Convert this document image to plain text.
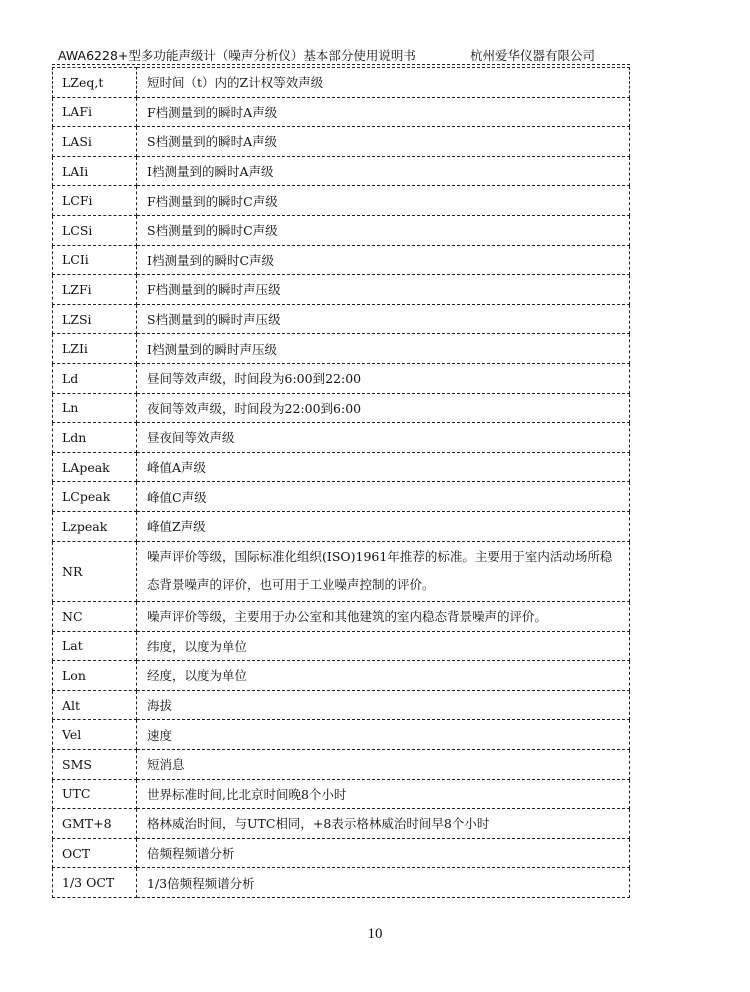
AWA6228+型多功能声级计（噪声分析仪）基本部分使用说明书	杭州爱华仪器有限公司
LZeq,t	短时间（t）内的Z计权等效声级
LAFi	F档测量到的瞬时A声级
LASi	S档测量到的瞬时A声级
LAIi	I档测量到的瞬时A声级
LCFi	F档测量到的瞬时C声级
LCSi	S档测量到的瞬时C声级
LCIi	I档测量到的瞬时C声级
LZFi	F档测量到的瞬时声压级
LZSi	S档测量到的瞬时声压级
LZIi	I档测量到的瞬时声压级
Ld	昼间等效声级，时间段为6:00到22:00
Ln	夜间等效声级，时间段为22:00到6:00
Ldn	昼夜间等效声级
LApeak	峰值A声级
LCpeak	峰值C声级
Lzpeak	峰值Z声级
NR	噪声评价等级，国际标准化组织(ISO)1961年推荐的标准。主要用于室内活动场所稳态背景噪声的评价，也可用于工业噪声控制的评价。
NC	噪声评价等级，主要用于办公室和其他建筑的室内稳态背景噪声的评价。
Lat	纬度，以度为单位
Lon	经度，以度为单位
Alt	海拔
Vel	速度
SMS	短消息
UTC	世界标准时间,比北京时间晚8个小时
GMT+8	格林威治时间，与UTC相同，+8表示格林威治时间早8个小时
OCT	倍频程频谱分析
1/3 OCT	1/3倍频程频谱分析
10
